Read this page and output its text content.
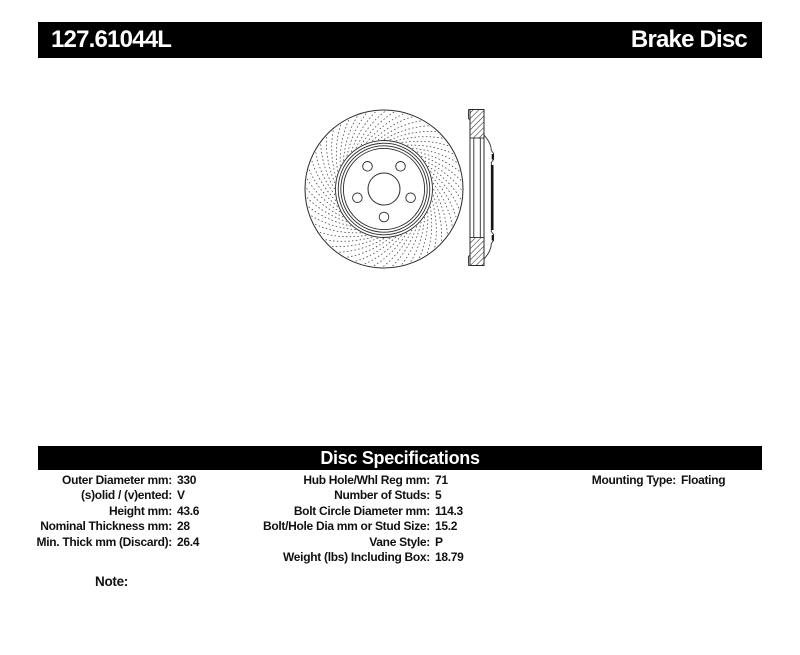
127.61044L	Brake Disc
Disc Specifications
Outer Diameter mm: 330
(s)olid / (v)ented: V
Height mm: 43.6
Nominal Thickness mm: 28
Min. Thick mm (Discard): 26.4
Hub Hole/Whl Reg mm: 71
Number of Studs: 5
Bolt Circle Diameter mm: 114.3
Bolt/Hole Dia mm or Stud Size: 15.2
Vane Style: P
Weight (lbs) Including Box: 18.79
Mounting Type: Floating
Note:
